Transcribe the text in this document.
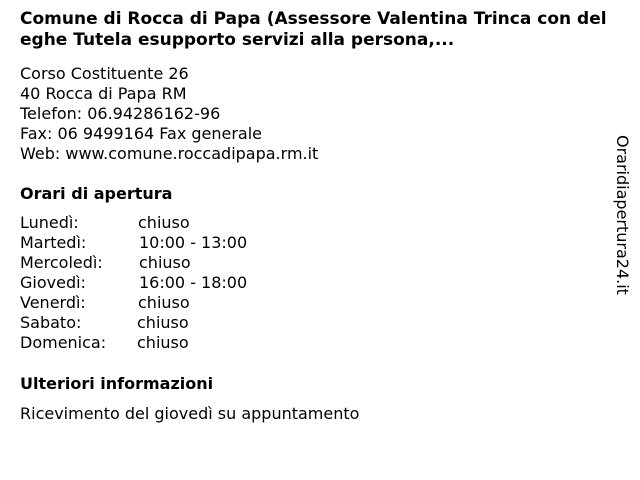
Comune di Rocca di Papa (Assessore Valentina Trinca con deleghe Tutela esupporto servizi alla persona,...
Corso Costituente 26
40 Rocca di Papa RM
Telefon: 06.94286162-96
Fax: 06 9499164 Fax generale
Web: www.comune.roccadipapa.rm.it
Orari di apertura
Lunedì:	chiuso
Martedì:	10:00 - 13:00
Mercoledì: chiuso
Giovedì:	16:00 - 18:00
Venerdì:	chiuso
Sabato:	chiuso
Domenica: chiuso
Ulteriori informazioni
Ricevimento del giovedì su appuntamento
Oraridiapertura24.it
